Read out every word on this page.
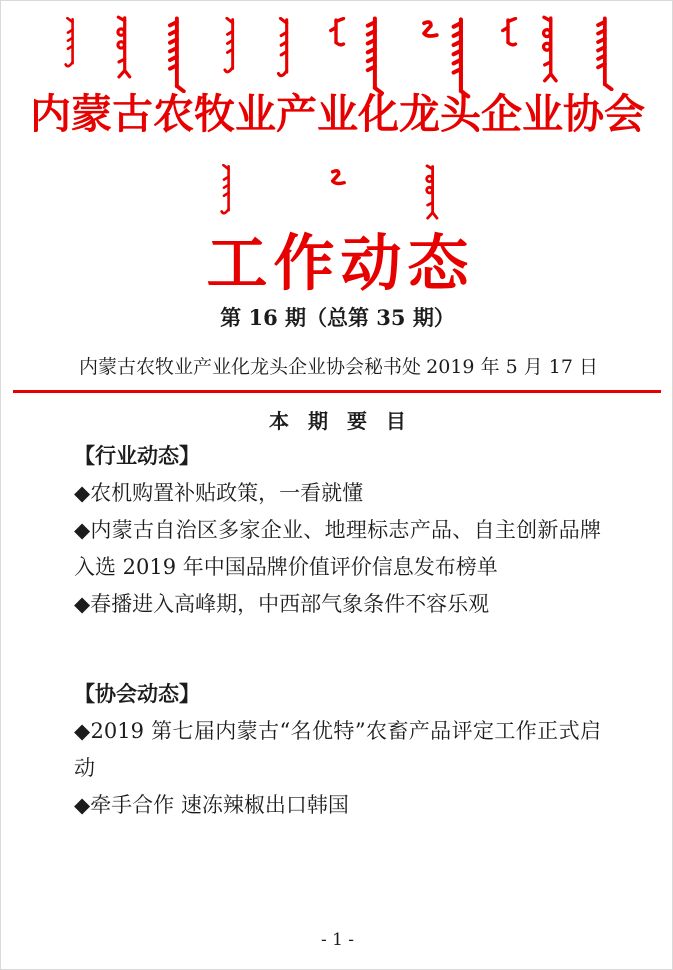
内蒙古农牧业产业化龙头企业协会
工作动态
第 16 期（总第 35 期）
内蒙古农牧业产业化龙头企业协会秘书处 2019 年 5 月 17 日
本 期 要 目
【行业动态】
◆农机购置补贴政策，一看就懂
◆内蒙古自治区多家企业、地理标志产品、自主创新品牌入选 2019 年中国品牌价值评价信息发布榜单
◆春播进入高峰期，中西部气象条件不容乐观
【协会动态】
◆2019 第七届内蒙古“名优特”农畜产品评定工作正式启动
◆牵手合作 速冻辣椒出口韩国
- 1 -
